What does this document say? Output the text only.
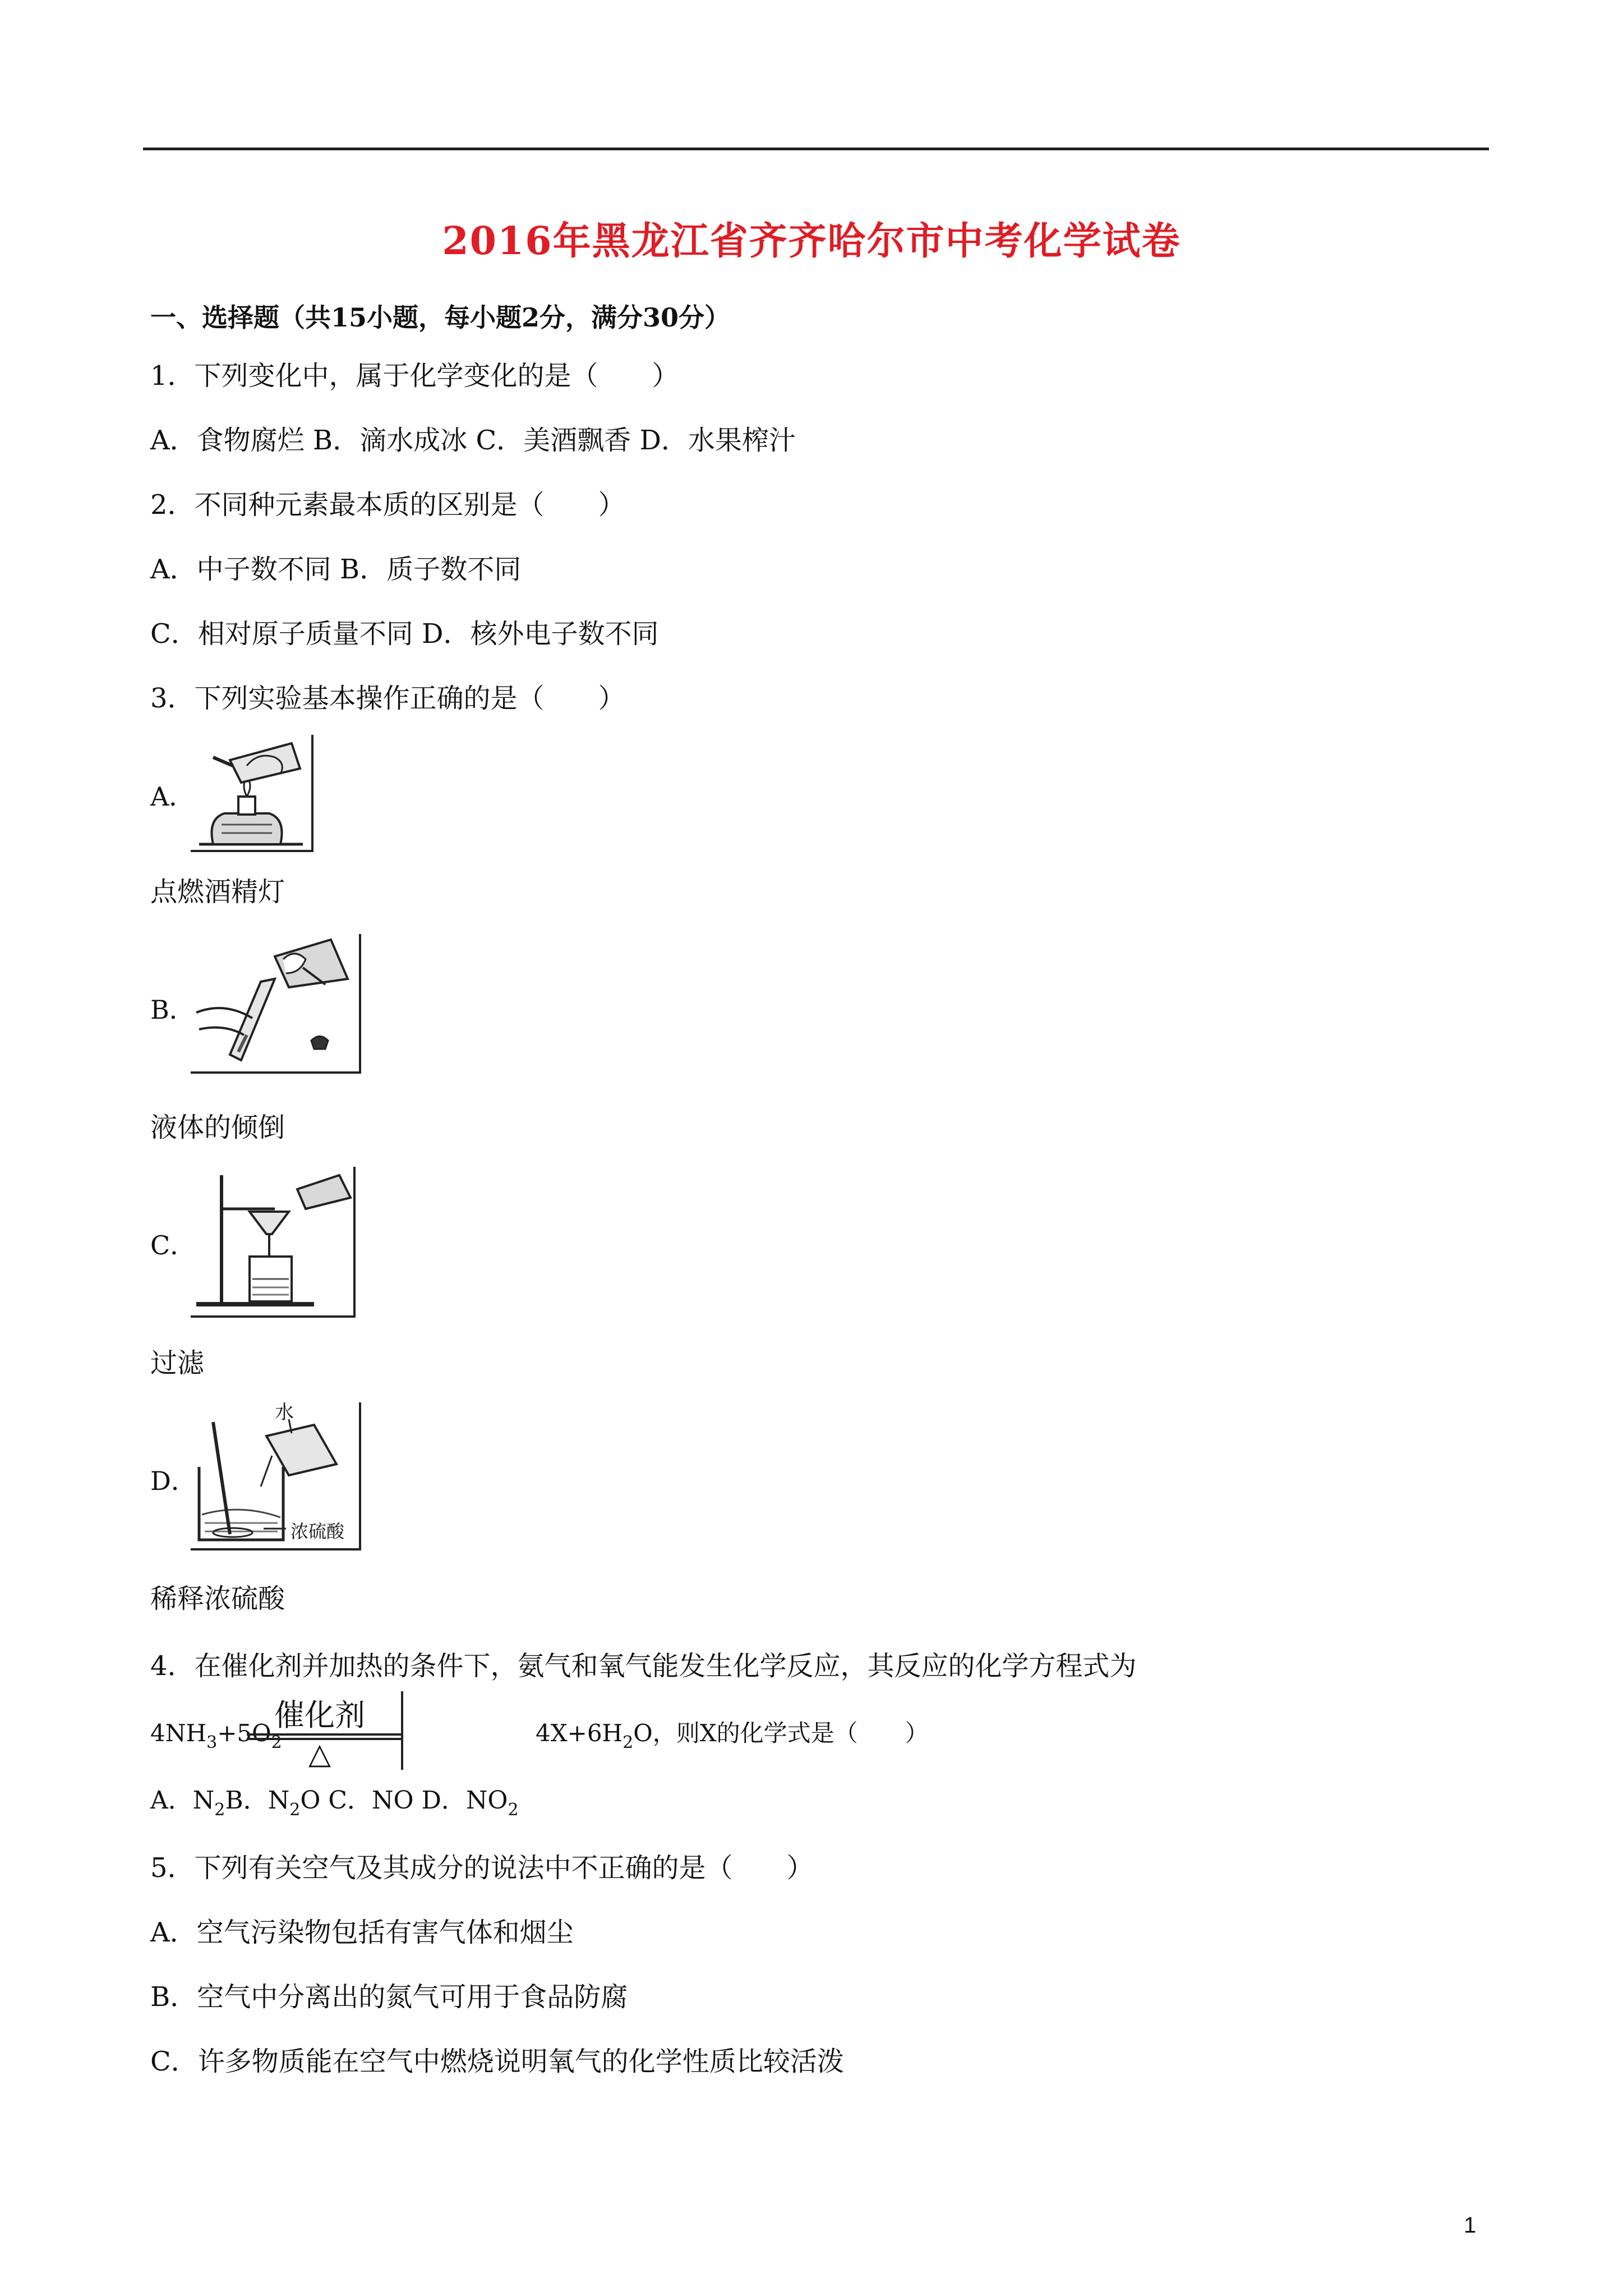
2016年黑龙江省齐齐哈尔市中考化学试卷
一、选择题（共15小题，每小题2分，满分30分）
1．下列变化中，属于化学变化的是（　　）
A．食物腐烂 B．滴水成冰 C．美酒飘香 D．水果榨汁
2．不同种元素最本质的区别是（　　）
A．中子数不同 B．质子数不同
C．相对原子质量不同 D．核外电子数不同
3．下列实验基本操作正确的是（　　）
A．
点燃酒精灯
B．
液体的倾倒
C．
过滤
D．
水
浓硫酸
稀释浓硫酸
4．在催化剂并加热的条件下，氨气和氧气能发生化学反应，其反应的化学方程式为
$4NH_3+5O_2$
催化剂
△
$4X+6H_2O$，则X的化学式是（　　）
A．$N_2B$．$N_2O$ C．NO D．$NO_2$
5．下列有关空气及其成分的说法中不正确的是（　　）
A．空气污染物包括有害气体和烟尘
B．空气中分离出的氮气可用于食品防腐
C．许多物质能在空气中燃烧说明氧气的化学性质比较活泼
1
